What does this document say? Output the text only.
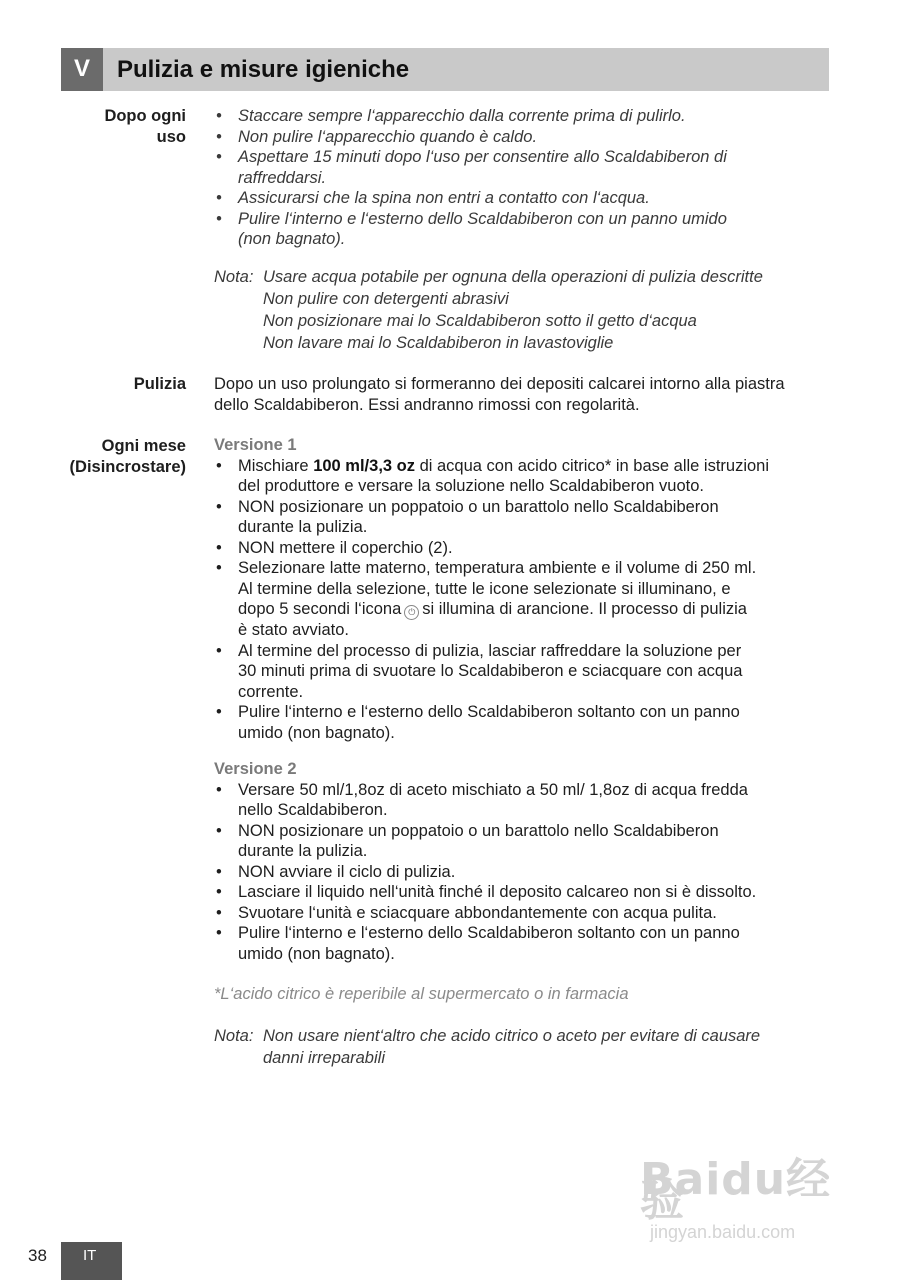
V	Pulizia e misure igieniche
Dopo ogni
uso
• Staccare sempre l‘apparecchio dalla corrente prima di pulirlo.
• Non pulire l‘apparecchio quando è caldo.
• Aspettare 15 minuti dopo l‘uso per consentire allo Scaldabiberon di
raffreddarsi.
• Assicurarsi che la spina non entri a contatto con l‘acqua.
• Pulire l‘interno e l‘esterno dello Scaldabiberon con un panno umido
(non bagnato).
Nota: Usare acqua potabile per ognuna della operazioni di pulizia descritte
Non pulire con detergenti abrasivi
Non posizionare mai lo Scaldabiberon sotto il getto d‘acqua
Non lavare mai lo Scaldabiberon in lavastoviglie
Pulizia Dopo un uso prolungato si formeranno dei depositi calcarei intorno alla piastra
dello Scaldabiberon. Essi andranno rimossi con regolarità.
Ogni mese
(Disincrostare)
Versione 1
• Mischiare 100 ml/3,3 oz di acqua con acido citrico* in base alle istruzioni
del produttore e versare la soluzione nello Scaldabiberon vuoto.
• NON posizionare un poppatoio o un barattolo nello Scaldabiberon
durante la pulizia.
• NON mettere il coperchio (2).
• Selezionare latte materno, temperatura ambiente e il volume di 250 ml.
Al termine della selezione, tutte le icone selezionate si illuminano, e
dopo 5 secondi l‘icona ⏻ si illumina di arancione. Il processo di pulizia
è stato avviato.
• Al termine del processo di pulizia, lasciar raffreddare la soluzione per
30 minuti prima di svuotare lo Scaldabiberon e sciacquare con acqua
corrente.
• Pulire l‘interno e l‘esterno dello Scaldabiberon soltanto con un panno
umido (non bagnato).
Versione 2
• Versare 50 ml/1,8oz di aceto mischiato a 50 ml/ 1,8oz di acqua fredda
nello Scaldabiberon.
• NON posizionare un poppatoio o un barattolo nello Scaldabiberon
durante la pulizia.
• NON avviare il ciclo di pulizia.
• Lasciare il liquido nell‘unità finché il deposito calcareo non si è dissolto.
• Svuotare l‘unità e sciacquare abbondantemente con acqua pulita.
• Pulire l‘interno e l‘esterno dello Scaldabiberon soltanto con un panno
umido (non bagnato).
*L‘acido citrico è reperibile al supermercato o in farmacia
Nota: Non usare nient‘altro che acido citrico o aceto per evitare di causare
danni irreparabili
Baidu经验
jingyan.baidu.com
38	IT
